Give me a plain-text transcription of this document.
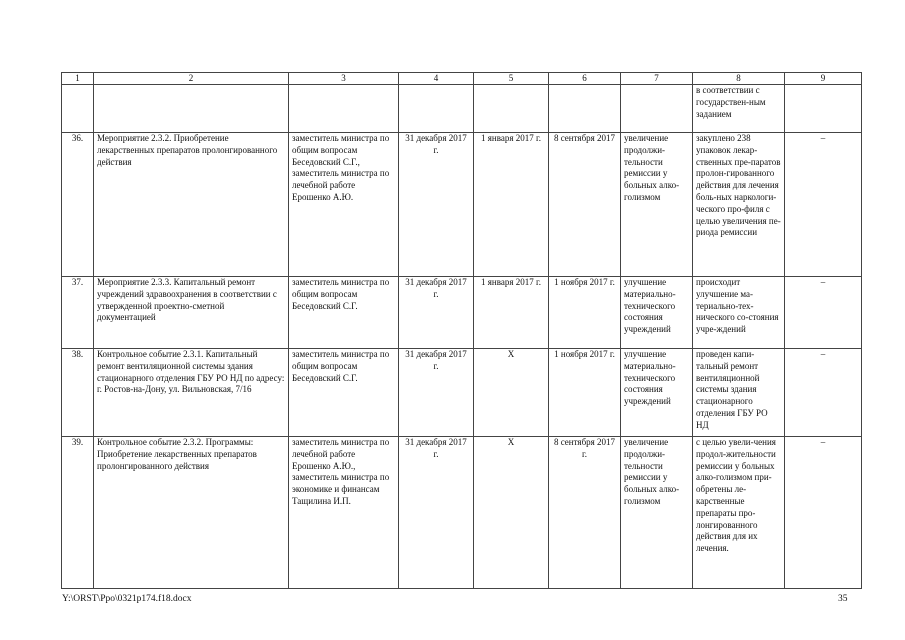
1	2	3	4	5	6	7	8	9
							в соответствии с государствен-ным заданием	
36.	Мероприятие 2.3.2. Приобретение лекарственных препаратов пролонгированного действия	заместитель министра по общим вопросам Беседовский С.Г., заместитель министра по лечебной работе Ерошенко А.Ю.	31 декабря 2017 г.	1 января 2017 г.	8 сентября 2017	увеличение продолжи-тельности ремиссии у больных алко-голизмом	закуплено 238 упаковок лекар-ственных пре-паратов пролон-гированного действия для лечения боль-ных наркологи-ческого про-филя с целью увеличения пе-риода ремиссии	–
37.	Мероприятие 2.3.3. Капитальный ремонт учреждений здравоохранения в соответствии с утвержденной проектно-сметной документацией	заместитель министра по общим вопросам Беседовский С.Г.	31 декабря 2017 г.	1 января 2017 г.	1 ноября 2017 г.	улучшение материально-технического состояния учреждений	происходит улучшение ма-териально-тех-нического со-стояния учре-ждений	–
38.	Контрольное событие 2.3.1. Капитальный ремонт вентиляционной системы здания стационарного отделения ГБУ РО НД по адресу: г. Ростов-на-Дону, ул. Вильновская, 7/16	заместитель министра по общим вопросам Беседовский С.Г.	31 декабря 2017 г.	Х	1 ноября 2017 г.	улучшение материально-технического состояния учреждений	проведен капи-тальный ремонт вентиляционной системы здания стационарного отделения ГБУ РО НД	–
39.	Контрольное событие 2.3.2. Программы: Приобретение лекарственных препаратов пролонгированного действия	заместитель министра по лечебной работе Ерошенко А.Ю., заместитель министра по экономике и финансам Тащилина И.П.	31 декабря 2017 г.	Х	8 сентября 2017 г.	увеличение продолжи-тельности ремиссии у больных алко-голизмом	с целью увели-чения продол-жительности ремиссии у больных алко-голизмом при-обретены ле-карственные препараты про-лонгированного действия для их лечения.	–
Y:\ORST\Ppo\0321p174.f18.docx	35
